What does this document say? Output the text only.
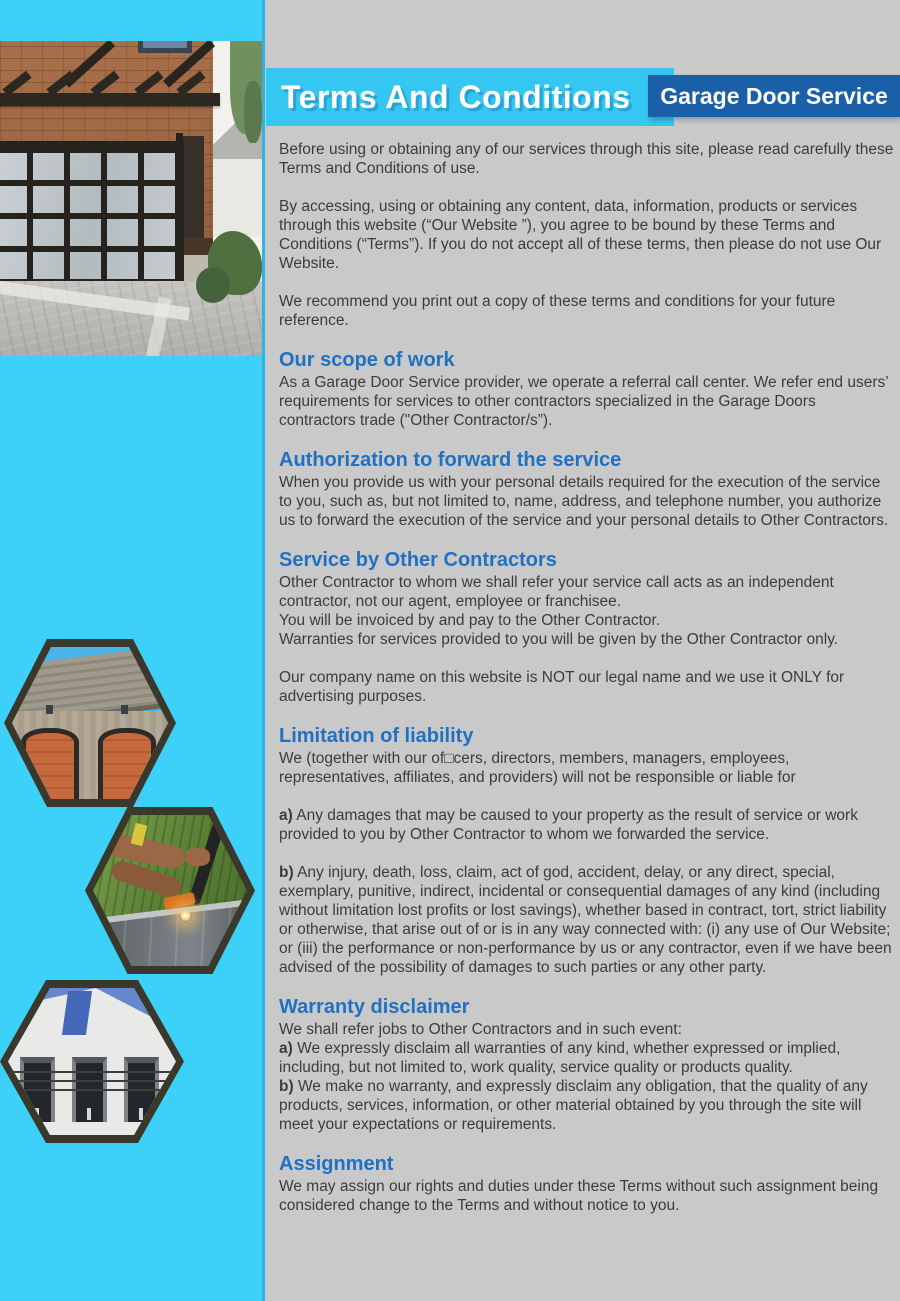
Terms And Conditions Garage Door Service

Before using or obtaining any of our services through this site, please read carefully these Terms and Conditions of use.

By accessing, using or obtaining any content, data, information, products or services through this website (“Our Website ”), you agree to be bound by these Terms and Conditions (“Terms”). If you do not accept all of these terms, then please do not use Our Website.

We recommend you print out a copy of these terms and conditions for your future reference.

Our scope of work
As a Garage Door Service provider, we operate a referral call center. We refer end users’ requirements for services to other contractors specialized in the Garage Doors contractors trade ("Other Contractor/s”).
Authorization to forward the service
When you provide us with your personal details required for the execution of the service to you, such as, but not limited to, name, address, and telephone number, you authorize us to forward the execution of the service and your personal details to Other Contractors.
Service by Other Contractors
Other Contractor to whom we shall refer your service call acts as an independent contractor, not our agent, employee or franchisee.
You will be invoiced by and pay to the Other Contractor.
Warranties for services provided to you will be given by the Other Contractor only.
Our company name on this website is NOT our legal name and we use it ONLY for advertising purposes.
Limitation of liability
We (together with our of□cers, directors, members, managers, employees, representatives, affiliates, and providers) will not be responsible or liable for
a) Any damages that may be caused to your property as the result of service or work provided to you by Other Contractor to whom we forwarded the service.
b) Any injury, death, loss, claim, act of god, accident, delay, or any direct, special, exemplary, punitive, indirect, incidental or consequential damages of any kind (including without limitation lost profits or lost savings), whether based in contract, tort, strict liability or otherwise, that arise out of or is in any way connected with: (i) any use of Our Website; or (iii) the performance or non-performance by us or any contractor, even if we have been advised of the possibility of damages to such parties or any other party.
Warranty disclaimer
We shall refer jobs to Other Contractors and in such event:
a) We expressly disclaim all warranties of any kind, whether expressed or implied, including, but not limited to, work quality, service quality or products quality.
b) We make no warranty, and expressly disclaim any obligation, that the quality of any products, services, information, or other material obtained by you through the site will meet your expectations or requirements.
Assignment
We may assign our rights and duties under these Terms without such assignment being considered change to the Terms and without notice to you.
